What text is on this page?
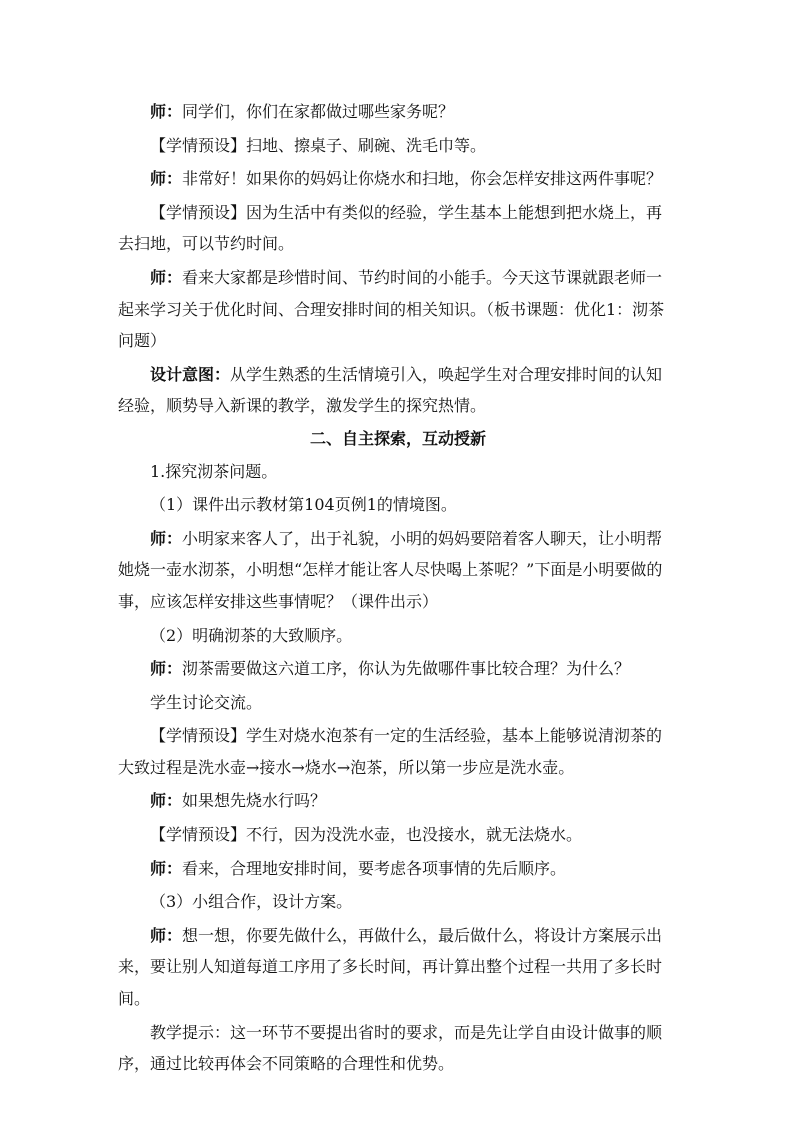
师：同学们，你们在家都做过哪些家务呢？

【学情预设】扫地、擦桌子、刷碗、洗毛巾等。

师：非常好！如果你的妈妈让你烧水和扫地，你会怎样安排这两件事呢？

【学情预设】因为生活中有类似的经验，学生基本上能想到把水烧上，再去扫地，可以节约时间。

师：看来大家都是珍惜时间、节约时间的小能手。今天这节课就跟老师一起来学习关于优化时间、合理安排时间的相关知识。（板书课题：优化1：沏茶问题）

设计意图：从学生熟悉的生活情境引入，唤起学生对合理安排时间的认知经验，顺势导入新课的教学，激发学生的探究热情。

二、自主探索，互动授新

1.探究沏茶问题。

（1）课件出示教材第104页例1的情境图。

师：小明家来客人了，出于礼貌，小明的妈妈要陪着客人聊天，让小明帮她烧一壶水沏茶，小明想“怎样才能让客人尽快喝上茶呢？”下面是小明要做的事，应该怎样安排这些事情呢？（课件出示）

（2）明确沏茶的大致顺序。

师：沏茶需要做这六道工序，你认为先做哪件事比较合理？为什么？

学生讨论交流。

【学情预设】学生对烧水泡茶有一定的生活经验，基本上能够说清沏茶的大致过程是洗水壶→接水→烧水→泡茶，所以第一步应是洗水壶。

师：如果想先烧水行吗？

【学情预设】不行，因为没洗水壶，也没接水，就无法烧水。

师：看来，合理地安排时间，要考虑各项事情的先后顺序。

（3）小组合作，设计方案。

师：想一想，你要先做什么，再做什么，最后做什么，将设计方案展示出来，要让别人知道每道工序用了多长时间，再计算出整个过程一共用了多长时间。

教学提示：这一环节不要提出省时的要求，而是先让学自由设计做事的顺序，通过比较再体会不同策略的合理性和优势。
